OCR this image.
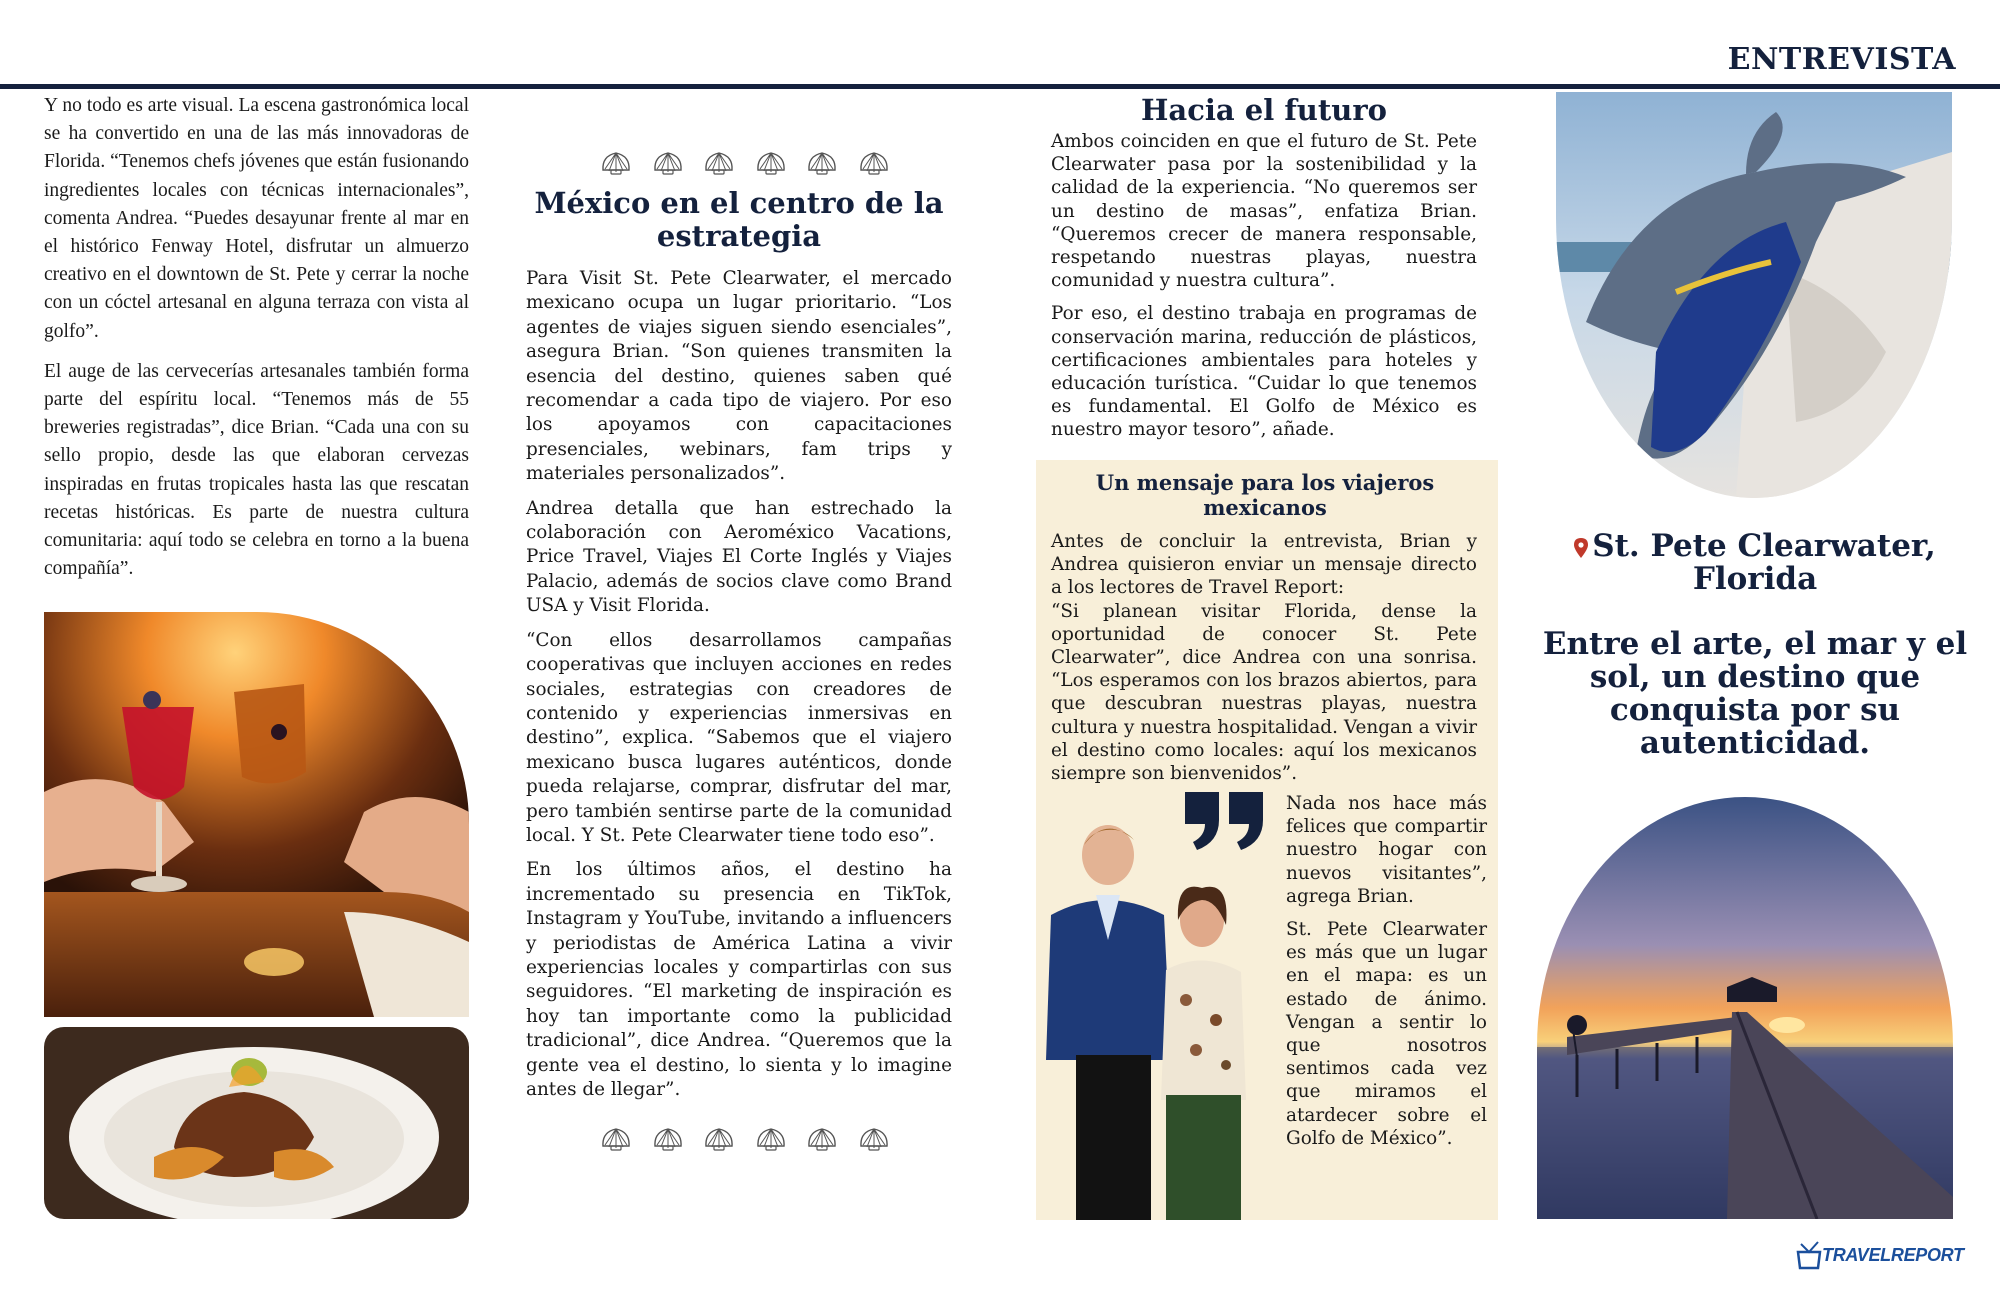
ENTREVISTA

Y no todo es arte visual. La escena gastronómica local se ha convertido en una de las más innovadoras de Florida. “Tenemos chefs jóvenes que están fusionando ingredientes locales con técnicas internacionales”, comenta Andrea. “Puedes desayunar frente al mar en el histórico Fenway Hotel, disfrutar un almuerzo creativo en el downtown de St. Pete y cerrar la noche con un cóctel artesanal en alguna terraza con vista al golfo”.

El auge de las cervecerías artesanales también forma parte del espíritu local. “Tenemos más de 55 breweries registradas”, dice Brian. “Cada una con su sello propio, desde las que elaboran cervezas inspiradas en frutas tropicales hasta las que rescatan recetas históricas. Es parte de nuestra cultura comunitaria: aquí todo se celebra en torno a la buena compañía”.

México en el centro de la estrategia

Para Visit St. Pete Clearwater, el mercado mexicano ocupa un lugar prioritario. “Los agentes de viajes siguen siendo esenciales”, asegura Brian. “Son quienes transmiten la esencia del destino, quienes saben qué recomendar a cada tipo de viajero. Por eso los apoyamos con capacitaciones presenciales, webinars, fam trips y materiales personalizados”.

Andrea detalla que han estrechado la colaboración con Aeroméxico Vacations, Price Travel, Viajes El Corte Inglés y Viajes Palacio, además de socios clave como Brand USA y Visit Florida.

“Con ellos desarrollamos campañas cooperativas que incluyen acciones en redes sociales, estrategias con creadores de contenido y experiencias inmersivas en destino”, explica. “Sabemos que el viajero mexicano busca lugares auténticos, donde pueda relajarse, comprar, disfrutar del mar, pero también sentirse parte de la comunidad local. Y St. Pete Clearwater tiene todo eso”.

En los últimos años, el destino ha incrementado su presencia en TikTok, Instagram y YouTube, invitando a influencers y periodistas de América Latina a vivir experiencias locales y compartirlas con sus seguidores. “El marketing de inspiración es hoy tan importante como la publicidad tradicional”, dice Andrea. “Queremos que la gente vea el destino, lo sienta y lo imagine antes de llegar”.

Hacia el futuro

Ambos coinciden en que el futuro de St. Pete Clearwater pasa por la sostenibilidad y la calidad de la experiencia. “No queremos ser un destino de masas”, enfatiza Brian. “Queremos crecer de manera responsable, respetando nuestras playas, nuestra comunidad y nuestra cultura”.

Por eso, el destino trabaja en programas de conservación marina, reducción de plásticos, certificaciones ambientales para hoteles y educación turística. “Cuidar lo que tenemos es fundamental. El Golfo de México es nuestro mayor tesoro”, añade.

Un mensaje para los viajeros mexicanos

Antes de concluir la entrevista, Brian y Andrea quisieron enviar un mensaje directo a los lectores de Travel Report:

“Si planean visitar Florida, dense la oportunidad de conocer St. Pete Clearwater”, dice Andrea con una sonrisa. “Los esperamos con los brazos abiertos, para que descubran nuestras playas, nuestra cultura y nuestra hospitalidad. Vengan a vivir el destino como locales: aquí los mexicanos siempre son bienvenidos”.

Nada nos hace más felices que compartir nuestro hogar con nuevos visitantes”, agrega Brian.

St. Pete Clearwater es más que un lugar en el mapa: es un estado de ánimo. Vengan a sentir lo que nosotros sentimos cada vez que miramos el atardecer sobre el Golfo de México”.

St. Pete Clearwater,
Florida
Entre el arte, el mar y el sol, un destino que conquista por su autenticidad.
TRAVELREPORT
